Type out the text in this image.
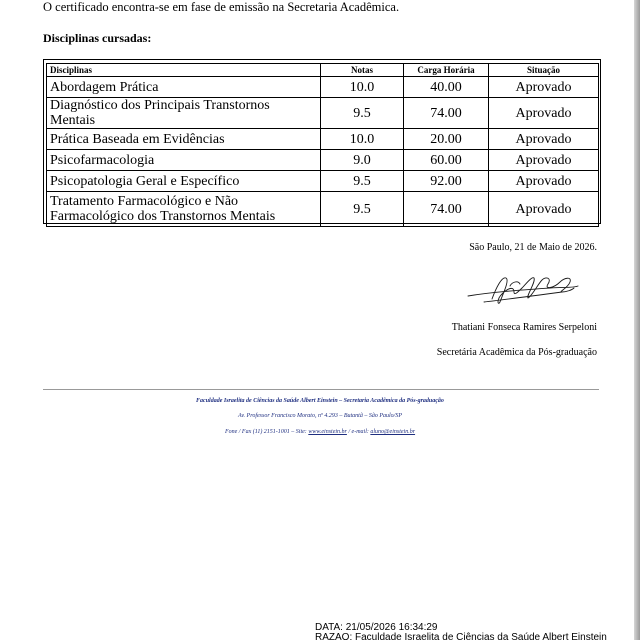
O certificado encontra-se em fase de emissão na Secretaria Acadêmica.
Disciplinas cursadas:
Disciplinas	Notas	Carga Horária	Situação
Abordagem Prática	10.0	40.00	Aprovado
Diagnóstico dos Principais Transtornos Mentais	9.5	74.00	Aprovado
Prática Baseada em Evidências	10.0	20.00	Aprovado
Psicofarmacologia	9.0	60.00	Aprovado
Psicopatologia Geral e Específico	9.5	92.00	Aprovado
Tratamento Farmacológico e Não Farmacológico dos Transtornos Mentais	9.5	74.00	Aprovado
São Paulo, 21 de Maio de 2026.
Thatiani Fonseca Ramires Serpeloni
Secretária Acadêmica da Pós-graduação
Faculdade Israelita de Ciências da Saúde Albert Einstein – Secretaria Acadêmica da Pós-graduação
Av. Professor Francisco Morato, nº 4.293 – Butantã – São Paulo/SP
Fone / Fax (11) 2151-1001 – Site: www.einstein.br / e-mail: aluno@einstein.br
DATA: 21/05/2026 16:34:29
RAZAO: Faculdade Israelita de Ciências da Saúde Albert Einstein
